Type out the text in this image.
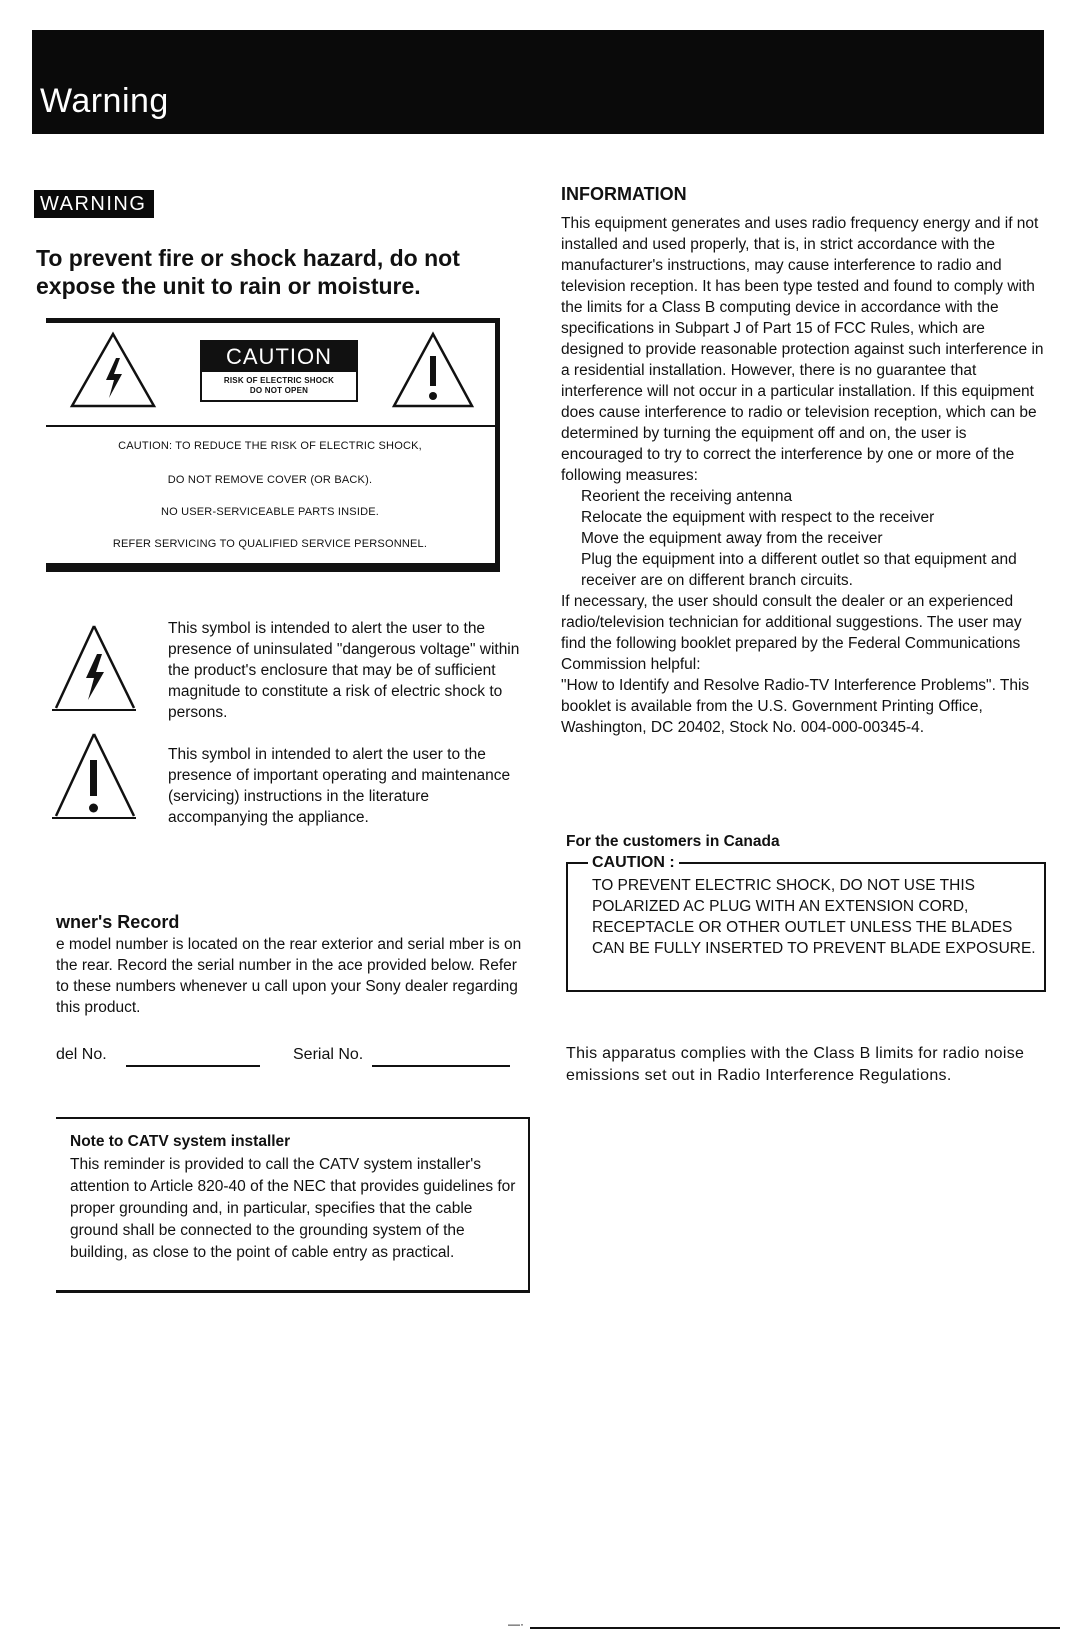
Warning
WARNING
To prevent fire or shock hazard, do not expose the unit to rain or moisture.
CAUTION
RISK OF ELECTRIC SHOCK
DO NOT OPEN
CAUTION: TO REDUCE THE RISK OF ELECTRIC SHOCK,
DO NOT REMOVE COVER (OR BACK).
NO USER-SERVICEABLE PARTS INSIDE.
REFER SERVICING TO QUALIFIED SERVICE PERSONNEL.
This symbol is intended to alert the user to the presence of uninsulated "dangerous voltage" within the product's enclosure that may be of sufficient magnitude to constitute a risk of electric shock to persons.
This symbol in intended to alert the user to the presence of important operating and maintenance (servicing) instructions in the literature accompanying the appliance.
wner's Record
e model number is located on the rear exterior and serial mber is on the rear. Record the serial number in the ace provided below. Refer to these numbers whenever u call upon your Sony dealer regarding this product.
del No.	Serial No.
Note to CATV system installer
This reminder is provided to call the CATV system installer's attention to Article 820-40 of the NEC that provides guidelines for proper grounding and, in particular, specifies that the cable ground shall be connected to the grounding system of the building, as close to the point of cable entry as practical.
INFORMATION
This equipment generates and uses radio frequency energy and if not installed and used properly, that is, in strict accordance with the manufacturer's instructions, may cause interference to radio and television reception. It has been type tested and found to comply with the limits for a Class B computing device in accordance with the specifications in Subpart J of Part 15 of FCC Rules, which are designed to provide reasonable protection against such interference in a residential installation. However, there is no guarantee that interference will not occur in a particular installation. If this equipment does cause interference to radio or television reception, which can be determined by turning the equipment off and on, the user is encouraged to try to correct the interference by one or more of the following measures:
Reorient the receiving antenna
Relocate the equipment with respect to the receiver
Move the equipment away from the receiver
Plug the equipment into a different outlet so that equipment and receiver are on different branch circuits.
If necessary, the user should consult the dealer or an experienced radio/television technician for additional suggestions. The user may find the following booklet prepared by the Federal Communications Commission helpful:
"How to Identify and Resolve Radio-TV Interference Problems". This booklet is available from the U.S. Government Printing Office, Washington, DC 20402, Stock No. 004-000-00345-4.
For the customers in Canada
CAUTION :
TO PREVENT ELECTRIC SHOCK, DO NOT USE THIS POLARIZED AC PLUG WITH AN EXTENSION CORD, RECEPTACLE OR OTHER OUTLET UNLESS THE BLADES CAN BE FULLY INSERTED TO PREVENT BLADE EXPOSURE.
This apparatus complies with the Class B limits for radio noise emissions set out in Radio Interference Regulations.
—·
